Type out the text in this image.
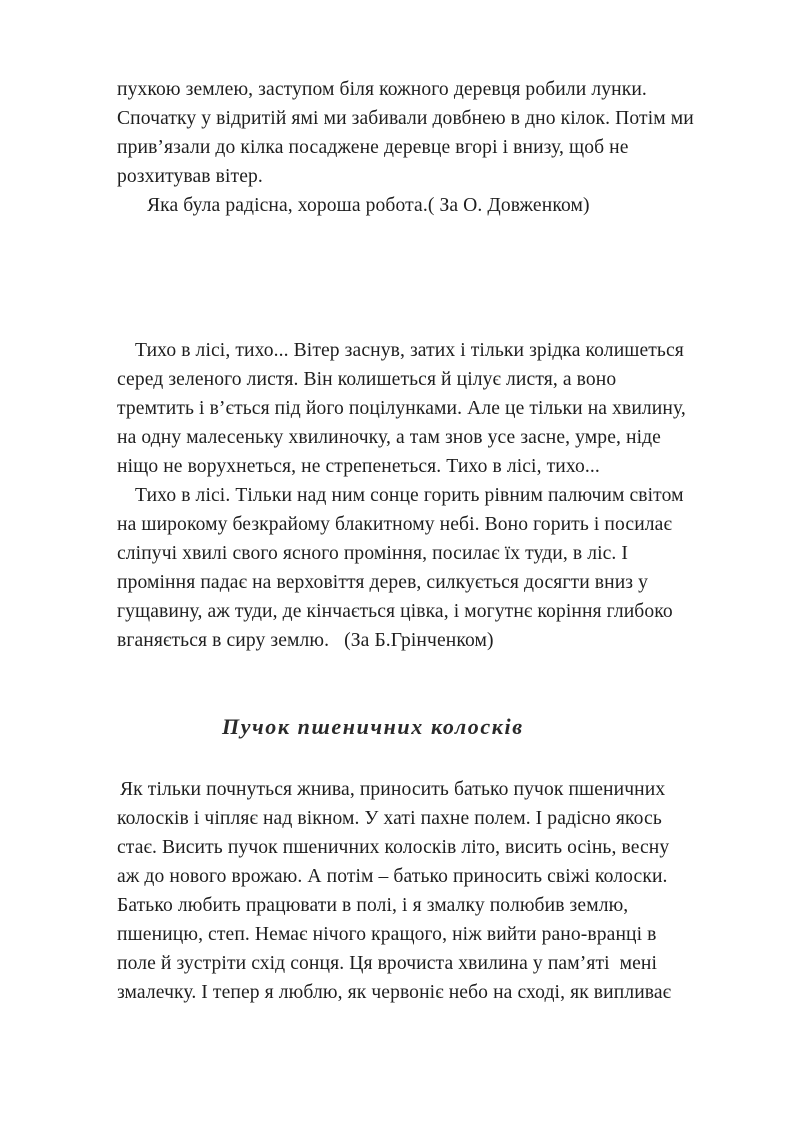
пухкою землею, заступом біля кожного деревця робили лунки.
Спочатку у відритій ямі ми забивали довбнею в дно кілок. Потім ми
прив’язали до кілка посаджене деревце вгорі і внизу, щоб не
розхитував вітер.
Яка була радісна, хороша робота.( За О. Довженком)
Тихо в лісі, тихо... Вітер заснув, затих і тільки зрідка колишеться
серед зеленого листя. Він колишеться й цілує листя, а воно
тремтить і в’ється під його поцілунками. Але це тільки на хвилину,
на одну малесеньку хвилиночку, а там знов усе засне, умре, ніде
ніщо не ворухнеться, не стрепенеться. Тихо в лісі, тихо...
Тихо в лісі. Тільки над ним сонце горить рівним палючим світом
на широкому безкрайому блакитному небі. Воно горить і посилає
сліпучі хвилі свого ясного проміння, посилає їх туди, в ліс. І
проміння падає на верховіття дерев, силкується досягти вниз у
гущавину, аж туди, де кінчається цівка, і могутнє коріння глибоко
вганяється в сиру землю.   (За Б.Грінченком)
Пучок пшеничних колосків
Як тільки почнуться жнива, приносить батько пучок пшеничних
колосків і чіпляє над вікном. У хаті пахне полем. І радісно якось
стає. Висить пучок пшеничних колосків літо, висить осінь, весну
аж до нового врожаю. А потім – батько приносить свіжі колоски.
Батько любить працювати в полі, і я змалку полюбив землю,
пшеницю, степ. Немає нічого кращого, ніж вийти рано-вранці в
поле й зустріти схід сонця. Ця врочиста хвилина у пам’яті  мені
змалечку. І тепер я люблю, як червоніє небо на сході, як випливає
